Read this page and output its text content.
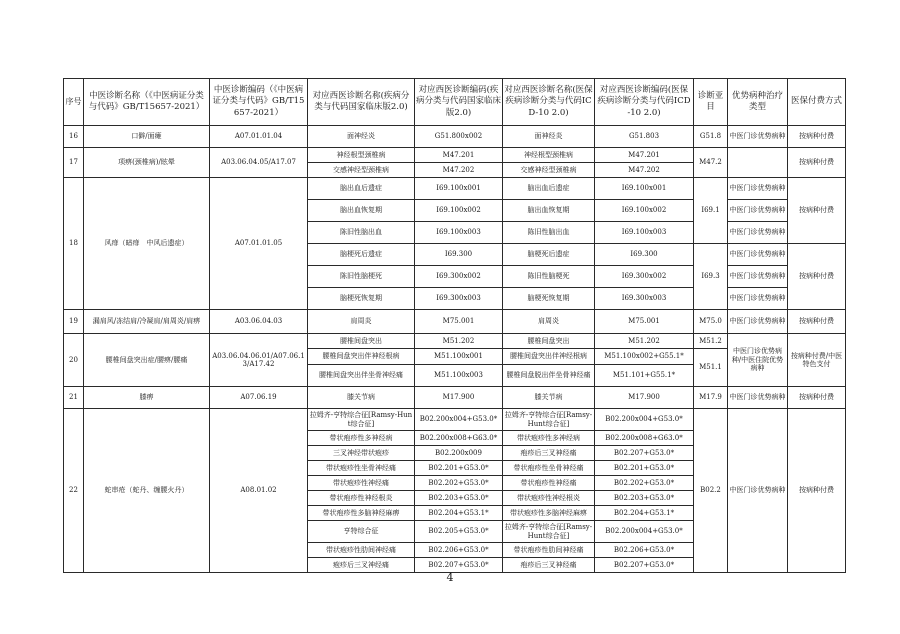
序号	中医诊断名称（《中医病证分类与代码》GB/T15657-2021）	中医诊断编码（《中医病证分类与代码》GB/T15657-2021）	对应西医诊断名称(疾病分类与代码国家临床版2.0)	对应西医诊断编码(疾病分类与代码国家临床版2.0)	对应西医诊断名称(医保疾病诊断分类与代码ICD-10 2.0)	对应西医诊断编码(医保疾病诊断分类与代码ICD-10 2.0)	诊断亚目	优势病种治疗类型	医保付费方式
16	口僻/面瘫	A07.01.01.04	面神经炎	G51.800x002	面神经炎	G51.803	G51.8	中医门诊优势病种	按病种付费
17	项痹(颈椎病)/眩晕	A03.06.04.05/A17.07	神经根型颈椎病	M47.201	神经根型颈椎病	M47.201	M47.2		按病种付费
			交感神经型颈椎病	M47.202	交感神经型颈椎病	M47.202			
18	风痱（暗痱　中风后遗症）	A07.01.01.05	脑出血后遗症	I69.100x001	脑出血后遗症	I69.100x001	I69.1	中医门诊优势病种	按病种付费
			脑出血恢复期	I69.100x002	脑出血恢复期	I69.100x002		中医门诊优势病种	
			陈旧性脑出血	I69.100x003	陈旧性脑出血	I69.100x003		中医门诊优势病种	
			脑梗死后遗症	I69.300	脑梗死后遗症	I69.300	I69.3	中医门诊优势病种	按病种付费
			陈旧性脑梗死	I69.300x002	陈旧性脑梗死	I69.300x002		中医门诊优势病种	
			脑梗死恢复期	I69.300x003	脑梗死恢复期	I69.300x003		中医门诊优势病种	
19	漏肩风/冻结肩/冷凝肩/肩周炎/肩痹	A03.06.04.03	肩周炎	M75.001	肩周炎	M75.001	M75.0	中医门诊优势病种	按病种付费
20	腰椎间盘突出症/腰痹/腰痛	A03.06.04.06.01/A07.06.13/A17.42	腰椎间盘突出	M51.202	腰椎间盘突出	M51.202	M51.2	中医门诊优势病种/中医住院优势病种	按病种付费/中医特色支付
			腰椎间盘突出伴神经根病	M51.100x001	腰椎间盘突出伴神经根病	M51.100x002+G55.1*	M51.1		
			腰椎间盘突出伴坐骨神经痛	M51.100x003	腰椎间盘脱出伴坐骨神经痛	M51.101+G55.1*			
21	膝痹	A07.06.19	膝关节病	M17.900	膝关节病	M17.900	M17.9	中医门诊优势病种	按病种付费
22	蛇串疮（蛇丹、缠腰火丹）	A08.01.02	拉姆齐-亨特综合征[Ramsy-Hunt综合征]	B02.200x004+G53.0*	拉姆齐-亨特综合征[Ramsy-Hunt综合征]	B02.200x004+G53.0*	B02.2	中医门诊优势病种	按病种付费
			带状疱疹性多神经病	B02.200x008+G63.0*	带状疱疹性多神经病	B02.200x008+G63.0*			
			三叉神经带状疱疹	B02.200x009	疱疹后三叉神经痛	B02.207+G53.0*			
			带状疱疹性坐骨神经痛	B02.201+G53.0*	带状疱疹性坐骨神经痛	B02.201+G53.0*			
			带状疱疹性神经痛	B02.202+G53.0*	带状疱疹性神经痛	B02.202+G53.0*			
			带状疱疹性神经根炎	B02.203+G53.0*	带状疱疹性神经根炎	B02.203+G53.0*			
			带状疱疹性多脑神经麻痹	B02.204+G53.1*	带状疱疹性多脑神经麻痹	B02.204+G53.1*			
			亨特综合征	B02.205+G53.0*	拉姆齐-亨特综合征[Ramsy-Hunt综合征]	B02.200x004+G53.0*			
			带状疱疹性肋间神经痛	B02.206+G53.0*	带状疱疹性肋间神经痛	B02.206+G53.0*			
			疱疹后三叉神经痛	B02.207+G53.0*	疱疹后三叉神经痛	B02.207+G53.0*			
4
